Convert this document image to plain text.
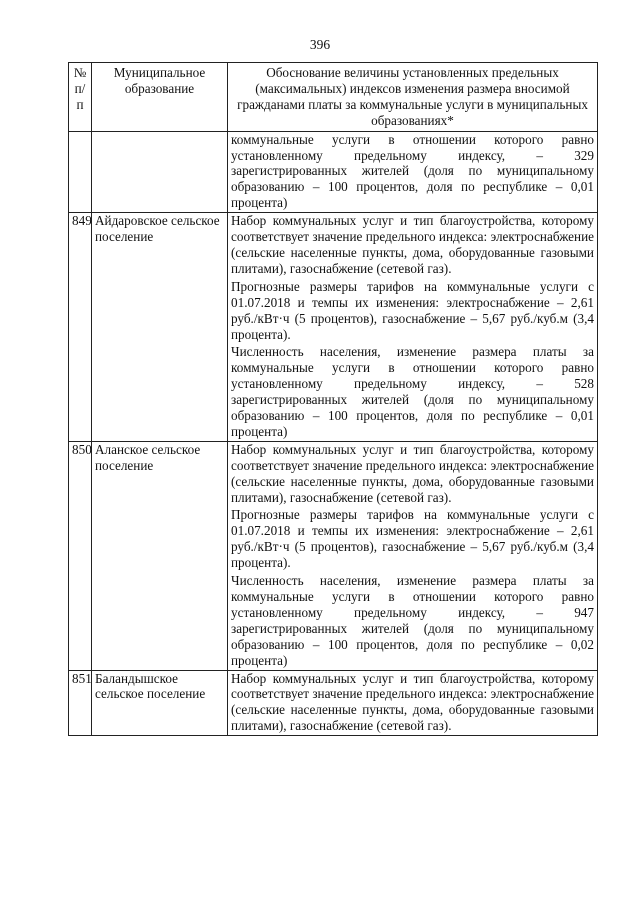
396
№ п/п	Муниципальное образование	Обоснование величины установленных предельных (максимальных) индексов изменения размера вносимой гражданами платы за коммунальные услуги в муниципальных образованиях*

		коммунальные услуги в отношении которого равно установленному предельному индексу, – 329 зарегистрированных жителей (доля по муниципальному образованию – 100 процентов, доля по республике – 0,01 процента)

849	Айдаровское сельское поселение	Набор коммунальных услуг и тип благоустройства, которому соответствует значение предельного индекса: электроснабжение (сельские населенные пункты, дома, оборудованные газовыми плитами), газоснабжение (сетевой газ).
Прогнозные размеры тарифов на коммунальные услуги с 01.07.2018 и темпы их изменения: электроснабжение – 2,61 руб./кВт·ч (5 процентов), газоснабжение – 5,67 руб./куб.м (3,4 процента).
Численность населения, изменение размера платы за коммунальные услуги в отношении которого равно установленному предельному индексу, – 528 зарегистрированных жителей (доля по муниципальному образованию – 100 процентов, доля по республике – 0,01 процента)

850	Аланское сельское поселение	Набор коммунальных услуг и тип благоустройства, которому соответствует значение предельного индекса: электроснабжение (сельские населенные пункты, дома, оборудованные газовыми плитами), газоснабжение (сетевой газ).
Прогнозные размеры тарифов на коммунальные услуги с 01.07.2018 и темпы их изменения: электроснабжение – 2,61 руб./кВт·ч (5 процентов), газоснабжение – 5,67 руб./куб.м (3,4 процента).
Численность населения, изменение размера платы за коммунальные услуги в отношении которого равно установленному предельному индексу, – 947 зарегистрированных жителей (доля по муниципальному образованию – 100 процентов, доля по республике – 0,02 процента)

851	Баландышское сельское поселение	Набор коммунальных услуг и тип благоустройства, которому соответствует значение предельного индекса: электроснабжение (сельские населенные пункты, дома, оборудованные газовыми плитами), газоснабжение (сетевой газ).
